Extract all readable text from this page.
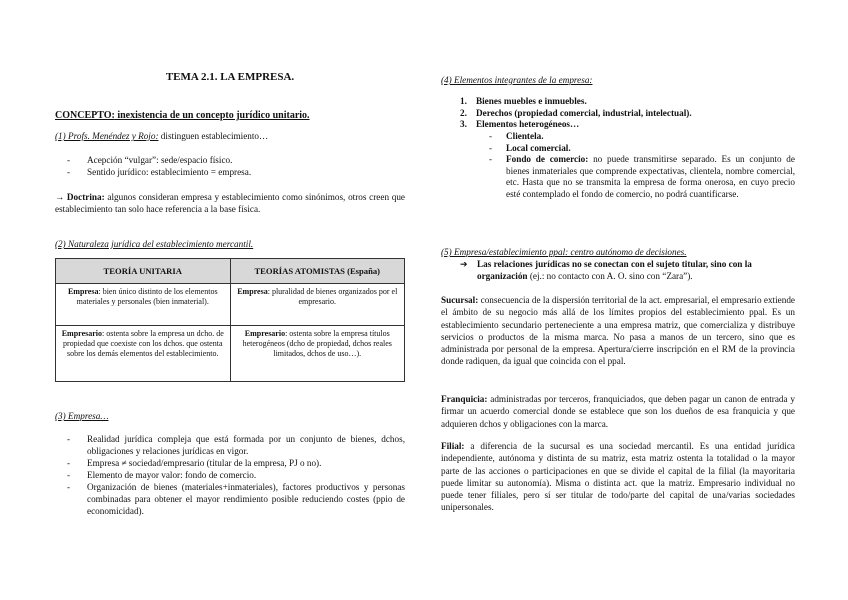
TEMA 2.1. LA EMPRESA.
CONCEPTO: inexistencia de un concepto jurídico unitario.
(1) Profs. Menéndez y Rojo: distinguen establecimiento…
- Acepción “vulgar”: sede/espacio físico.
- Sentido jurídico: establecimiento = empresa.
→ Doctrina: algunos consideran empresa y establecimiento como sinónimos, otros creen que establecimiento tan solo hace referencia a la base física.
(2) Naturaleza jurídica del establecimiento mercantil.
TEORÍA UNITARIA	TEORÍAS ATOMISTAS (España)
Empresa: bien único distinto de los elementos materiales y personales (bien inmaterial).	Empresa: pluralidad de bienes organizados por el empresario.
Empresario: ostenta sobre la empresa un dcho. de propiedad que coexiste con los dchos. que ostenta sobre los demás elementos del establecimiento.	Empresario: ostenta sobre la empresa títulos heterogéneos (dcho de propiedad, dchos reales limitados, dchos de uso…).
(3) Empresa…
- Realidad jurídica compleja que está formada por un conjunto de bienes, dchos, obligaciones y relaciones jurídicas en vigor.
- Empresa ≠ sociedad/empresario (titular de la empresa, PJ o no).
- Elemento de mayor valor: fondo de comercio.
- Organización de bienes (materiales+inmateriales), factores productivos y personas combinadas para obtener el mayor rendimiento posible reduciendo costes (ppio de economicidad).
(4) Elementos integrantes de la empresa:
1. Bienes muebles e inmuebles.
2. Derechos (propiedad comercial, industrial, intelectual).
3. Elementos heterogéneos…
- Clientela.
- Local comercial.
- Fondo de comercio: no puede transmitirse separado. Es un conjunto de bienes inmateriales que comprende expectativas, clientela, nombre comercial, etc. Hasta que no se transmita la empresa de forma onerosa, en cuyo precio esté contemplado el fondo de comercio, no podrá cuantificarse.
(5) Empresa/establecimiento ppal: centro autónomo de decisiones.
➔ Las relaciones jurídicas no se conectan con el sujeto titular, sino con la organización (ej.: no contacto con A. O. sino con “Zara”).
Sucursal: consecuencia de la dispersión territorial de la act. empresarial, el empresario extiende el ámbito de su negocio más allá de los límites propios del establecimiento ppal. Es un establecimiento secundario perteneciente a una empresa matriz, que comercializa y distribuye servicios o productos de la misma marca. No pasa a manos de un tercero, sino que es administrada por personal de la empresa. Apertura/cierre inscripción en el RM de la provincia donde radiquen, da igual que coincida con el ppal.
Franquicia: administradas por terceros, franquiciados, que deben pagar un canon de entrada y firmar un acuerdo comercial donde se establece que son los dueños de esa franquicia y que adquieren dchos y obligaciones con la marca.
Filial: a diferencia de la sucursal es una sociedad mercantil. Es una entidad jurídica independiente, autónoma y distinta de su matriz, esta matriz ostenta la totalidad o la mayor parte de las acciones o participaciones en que se divide el capital de la filial (la mayoritaria puede limitar su autonomía). Misma o distinta act. que la matriz. Empresario individual no puede tener filiales, pero sí ser titular de todo/parte del capital de una/varias sociedades unipersonales.
